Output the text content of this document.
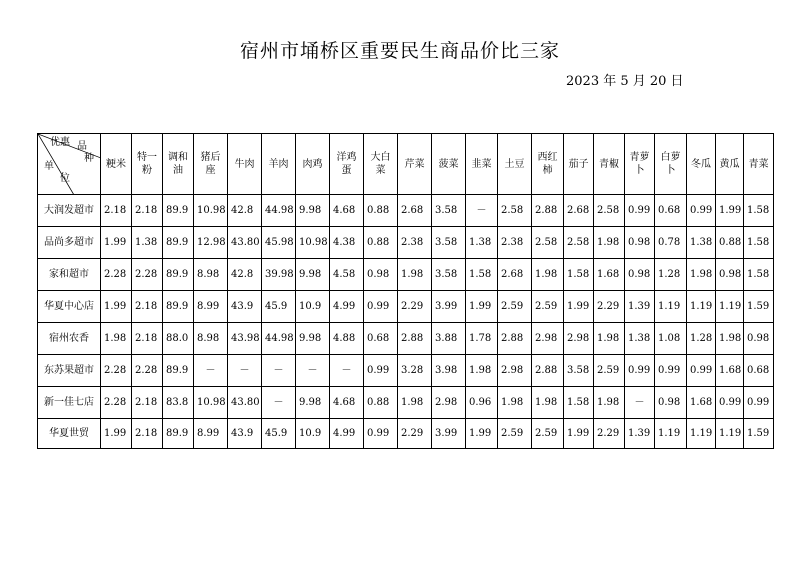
宿州市埇桥区重要民生商品价比三家
2023 年 5 月 20 日
优惠 品
种
单
位	粳米	特一粉	调和油	猪后座	牛肉	羊肉	肉鸡	洋鸡蛋	大白菜	芹菜	菠菜	韭菜	土豆	西红柿	茄子	青椒	青萝卜	白萝卜	冬瓜	黄瓜	青菜
大润发超市	2.18	2.18	89.9	10.98	42.8	44.98	9.98	4.68	0.88	2.68	3.58	－	2.58	2.88	2.68	2.58	0.99	0.68	0.99	1.99	1.58
品尚多超市	1.99	1.38	89.9	12.98	43.80	45.98	10.98	4.38	0.88	2.38	3.58	1.38	2.38	2.58	2.58	1.98	0.98	0.78	1.38	0.88	1.58
家和超市	2.28	2.28	89.9	8.98	42.8	39.98	9.98	4.58	0.98	1.98	3.58	1.58	2.68	1.98	1.58	1.68	0.98	1.28	1.98	0.98	1.58
华夏中心店	1.99	2.18	89.9	8.99	43.9	45.9	10.9	4.99	0.99	2.29	3.99	1.99	2.59	2.59	1.99	2.29	1.39	1.19	1.19	1.19	1.59
宿州农香	1.98	2.18	88.0	8.98	43.98	44.98	9.98	4.88	0.68	2.88	3.88	1.78	2.88	2.98	2.98	1.98	1.38	1.08	1.28	1.98	0.98
东苏果超市	2.28	2.28	89.9	－	－	－	－	－	0.99	3.28	3.98	1.98	2.98	2.88	3.58	2.59	0.99	0.99	0.99	1.68	0.68
新一佳七店	2.28	2.18	83.8	10.98	43.80	－	9.98	4.68	0.88	1.98	2.98	0.96	1.98	1.98	1.58	1.98	－	0.98	1.68	0.99	0.99
华夏世贸	1.99	2.18	89.9	8.99	43.9	45.9	10.9	4.99	0.99	2.29	3.99	1.99	2.59	2.59	1.99	2.29	1.39	1.19	1.19	1.19	1.59
